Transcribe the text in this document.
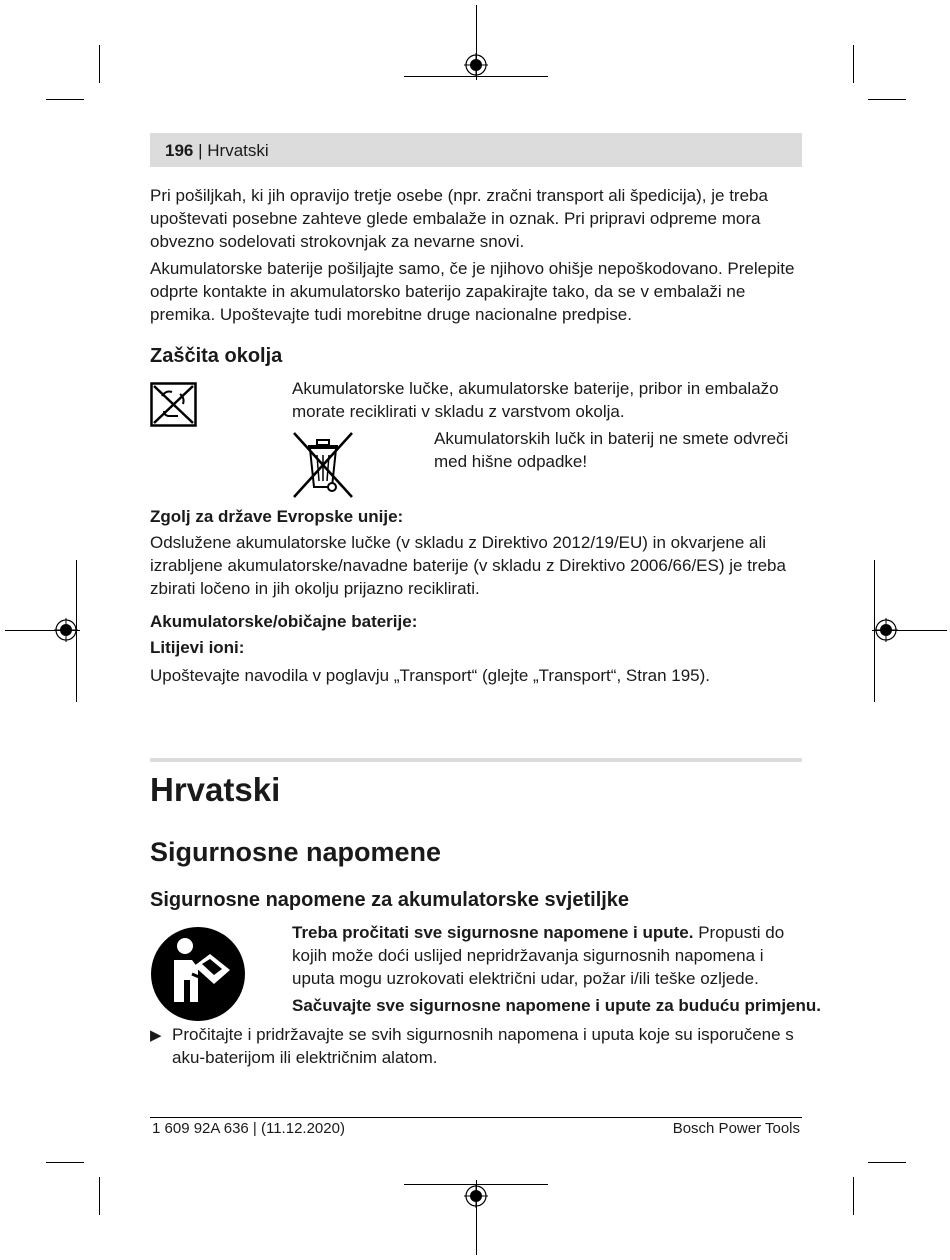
196 | Hrvatski

Pri pošiljkah, ki jih opravijo tretje osebe (npr. zračni transport ali špedicija), je treba upoštevati posebne zahteve glede embalaže in oznak. Pri pripravi odpreme mora obvezno sodelovati strokovnjak za nevarne snovi.

Akumulatorske baterije pošiljajte samo, če je njihovo ohišje nepoškodovano. Prelepite odprte kontakte in akumulatorsko baterijo zapakirajte tako, da se v embalaži ne premika. Upoštevajte tudi morebitne druge nacionalne predpise.

Zaščita okolja
Akumulatorske lučke, akumulatorske baterije, pribor in embalažo morate reciklirati v skladu z varstvom okolja.
Akumulatorskih lučk in baterij ne smete odvreči med hišne odpadke!
Zgolj za države Evropske unije:
Odslužene akumulatorske lučke (v skladu z Direktivo 2012/19/EU) in okvarjene ali izrabljene akumulatorske/navadne baterije (v skladu z Direktivo 2006/66/ES) je treba zbirati ločeno in jih okolju prijazno reciklirati.
Akumulatorske/običajne baterije:
Litijevi ioni:
Upoštevajte navodila v poglavju „Transport“ (glejte „Transport“, Stran 195).
Hrvatski
Sigurnosne napomene
Sigurnosne napomene za akumulatorske svjetiljke

Treba pročitati sve sigurnosne napomene i upute. Propusti do kojih može doći uslijed nepridržavanja sigurnosnih napomena i uputa mogu uzrokovati električni udar, požar i/ili teške ozljede.

Sačuvajte sve sigurnosne napomene i upute za buduću primjenu.
▶ Pročitajte i pridržavajte se svih sigurnosnih napomena i uputa koje su isporučene s aku-baterijom ili električnim alatom.
1 609 92A 636 | (11.12.2020)	Bosch Power Tools
